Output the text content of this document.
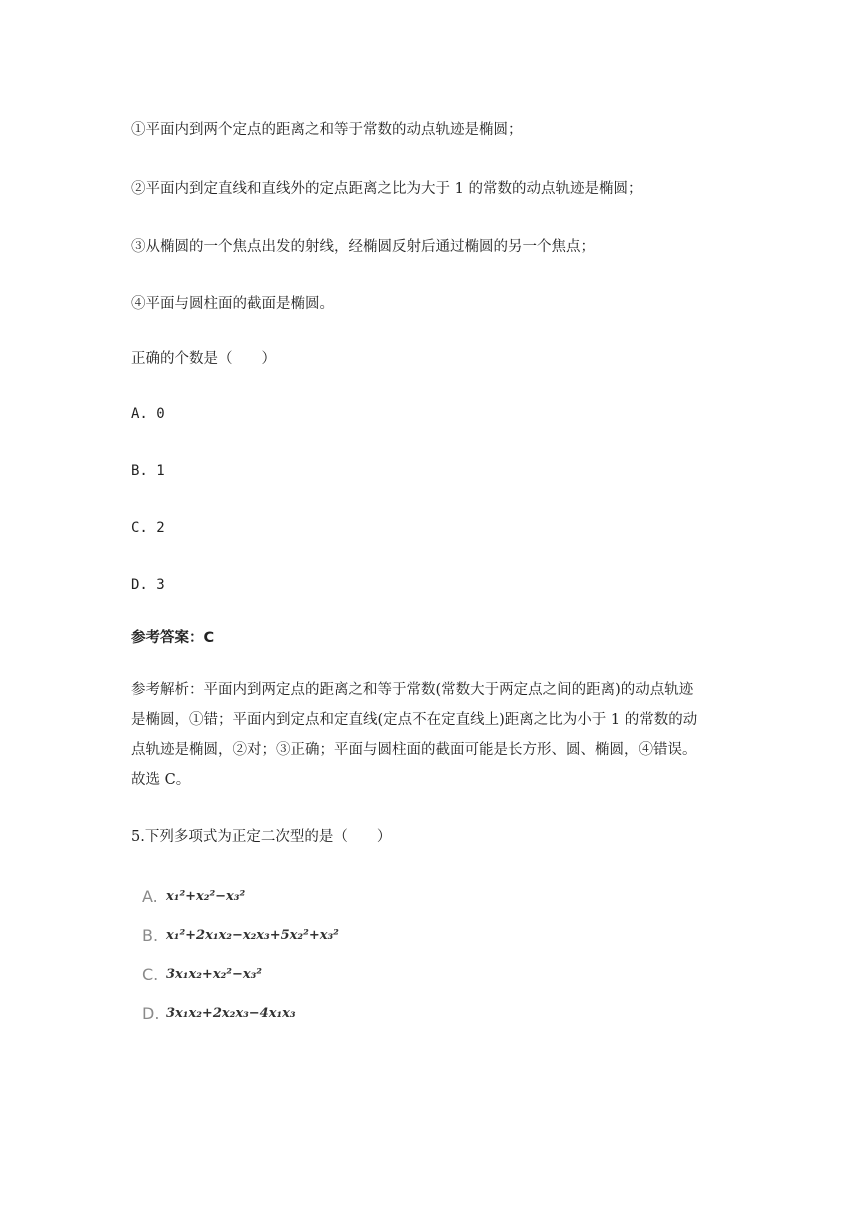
①平面内到两个定点的距离之和等于常数的动点轨迹是椭圆；
②平面内到定直线和直线外的定点距离之比为大于 1 的常数的动点轨迹是椭圆；
③从椭圆的一个焦点出发的射线，经椭圆反射后通过椭圆的另一个焦点；
④平面与圆柱面的截面是椭圆。
正确的个数是（　　）
A. 0
B. 1
C. 2
D. 3
参考答案：C
参考解析：平面内到两定点的距离之和等于常数(常数大于两定点之间的距离)的动点轨迹
是椭圆，①错；平面内到定点和定直线(定点不在定直线上)距离之比为小于 1 的常数的动
点轨迹是椭圆，②对；③正确；平面与圆柱面的截面可能是长方形、圆、椭圆，④错误。
故选 C。
5.下列多项式为正定二次型的是（　　）
A. x₁²+x₂²−x₃²
B. x₁²+2x₁x₂−x₂x₃+5x₂²+x₃²
C. 3x₁x₂+x₂²−x₃²
D. 3x₁x₂+2x₂x₃−4x₁x₃
